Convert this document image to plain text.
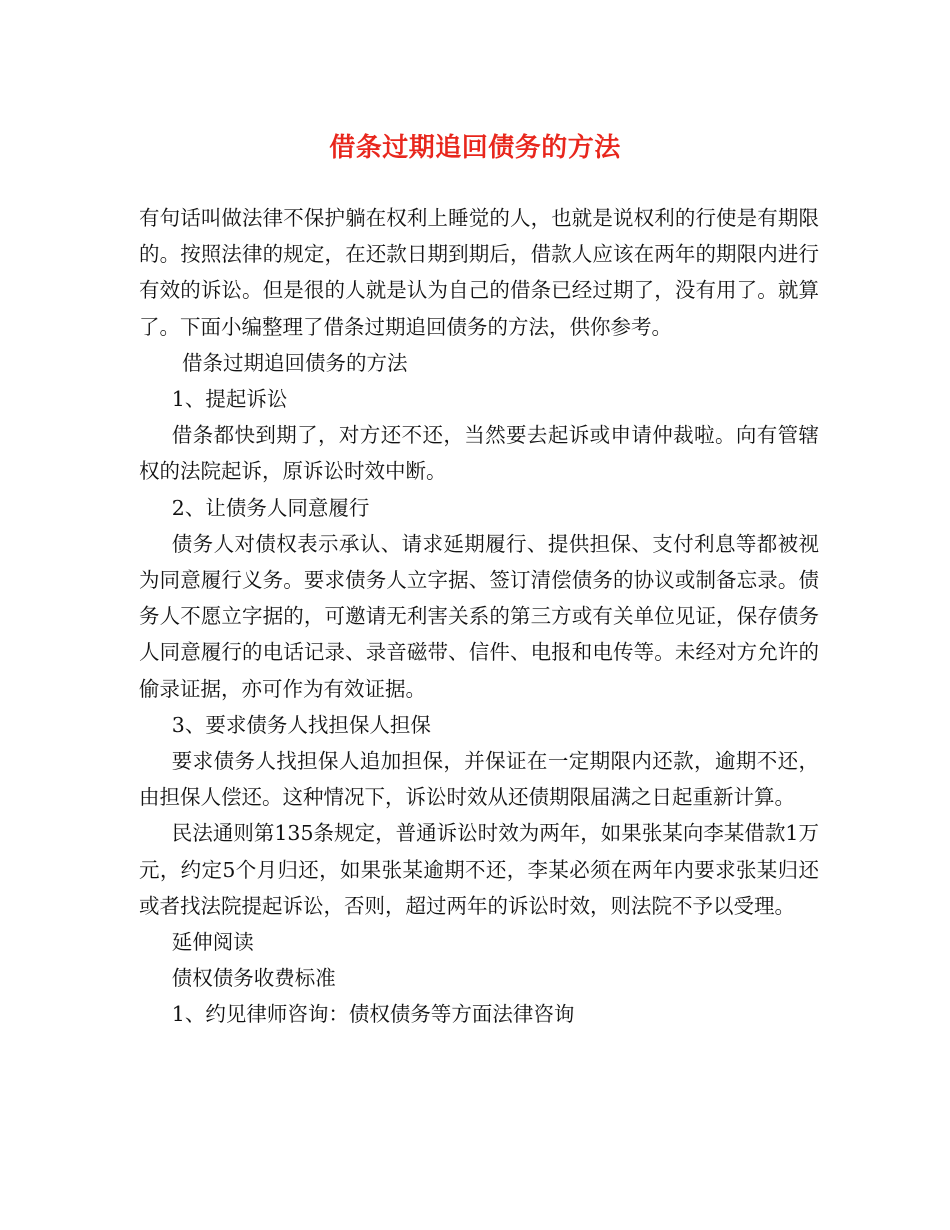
借条过期追回债务的方法

有句话叫做法律不保护躺在权利上睡觉的人，也就是说权利的行使是有期限的。按照法律的规定，在还款日期到期后，借款人应该在两年的期限内进行有效的诉讼。但是很的人就是认为自己的借条已经过期了，没有用了。就算了。下面小编整理了借条过期追回债务的方法，供你参考。

借条过期追回债务的方法

1、提起诉讼

借条都快到期了，对方还不还，当然要去起诉或申请仲裁啦。向有管辖权的法院起诉，原诉讼时效中断。

2、让债务人同意履行

债务人对债权表示承认、请求延期履行、提供担保、支付利息等都被视为同意履行义务。要求债务人立字据、签订清偿债务的协议或制备忘录。债务人不愿立字据的，可邀请无利害关系的第三方或有关单位见证，保存债务人同意履行的电话记录、录音磁带、信件、电报和电传等。未经对方允许的偷录证据，亦可作为有效证据。

3、要求债务人找担保人担保

要求债务人找担保人追加担保，并保证在一定期限内还款，逾期不还，由担保人偿还。这种情况下，诉讼时效从还债期限届满之日起重新计算。

民法通则第135条规定，普通诉讼时效为两年，如果张某向李某借款1万元，约定5个月归还，如果张某逾期不还，李某必须在两年内要求张某归还或者找法院提起诉讼，否则，超过两年的诉讼时效，则法院不予以受理。

延伸阅读

债权债务收费标准

1、约见律师咨询：债权债务等方面法律咨询
